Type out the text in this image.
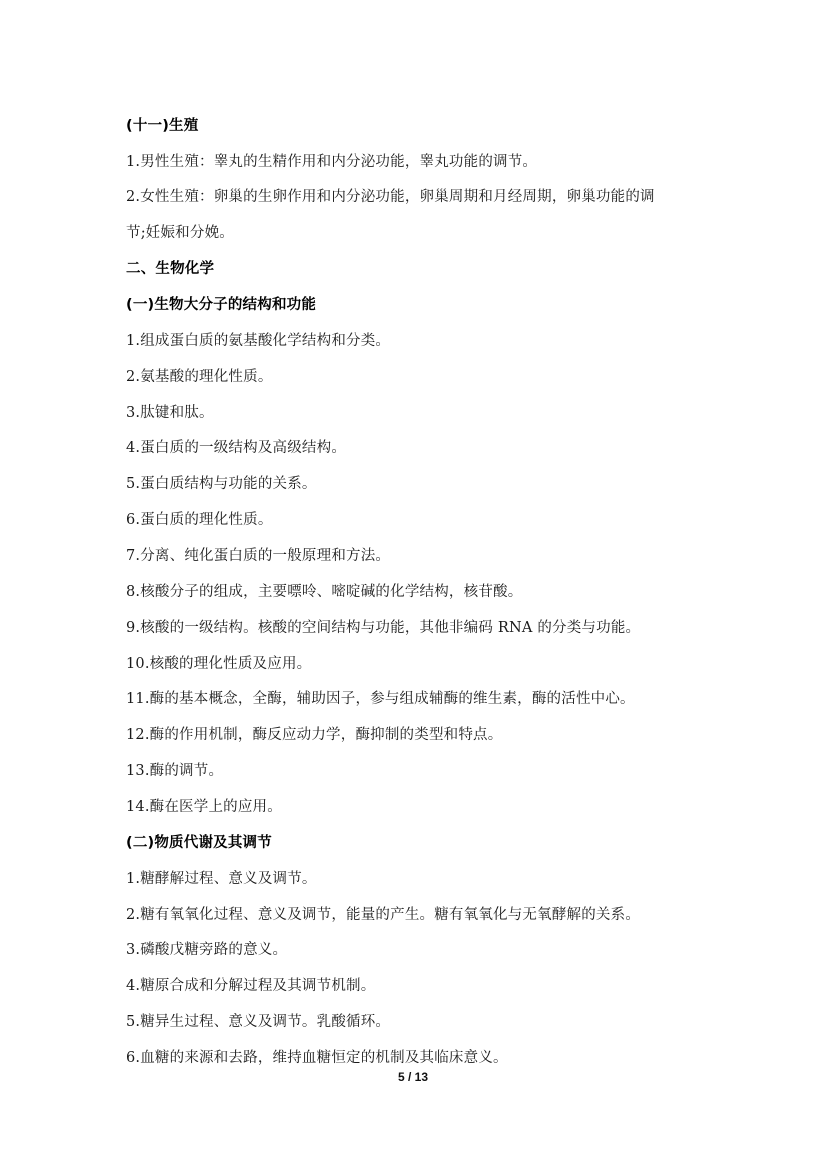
(十一)生殖
1.男性生殖：睾丸的生精作用和内分泌功能，睾丸功能的调节。
2.女性生殖：卵巢的生卵作用和内分泌功能，卵巢周期和月经周期，卵巢功能的调
节;妊娠和分娩。
二、生物化学
(一)生物大分子的结构和功能
1.组成蛋白质的氨基酸化学结构和分类。
2.氨基酸的理化性质。
3.肽键和肽。
4.蛋白质的一级结构及高级结构。
5.蛋白质结构与功能的关系。
6.蛋白质的理化性质。
7.分离、纯化蛋白质的一般原理和方法。
8.核酸分子的组成，主要嘌呤、嘧啶碱的化学结构，核苷酸。
9.核酸的一级结构。核酸的空间结构与功能，其他非编码 RNA 的分类与功能。
10.核酸的理化性质及应用。
11.酶的基本概念，全酶，辅助因子，参与组成辅酶的维生素，酶的活性中心。
12.酶的作用机制，酶反应动力学，酶抑制的类型和特点。
13.酶的调节。
14.酶在医学上的应用。
(二)物质代谢及其调节
1.糖酵解过程、意义及调节。
2.糖有氧氧化过程、意义及调节，能量的产生。糖有氧氧化与无氧酵解的关系。
3.磷酸戊糖旁路的意义。
4.糖原合成和分解过程及其调节机制。
5.糖异生过程、意义及调节。乳酸循环。
6.血糖的来源和去路，维持血糖恒定的机制及其临床意义。
5 / 13
